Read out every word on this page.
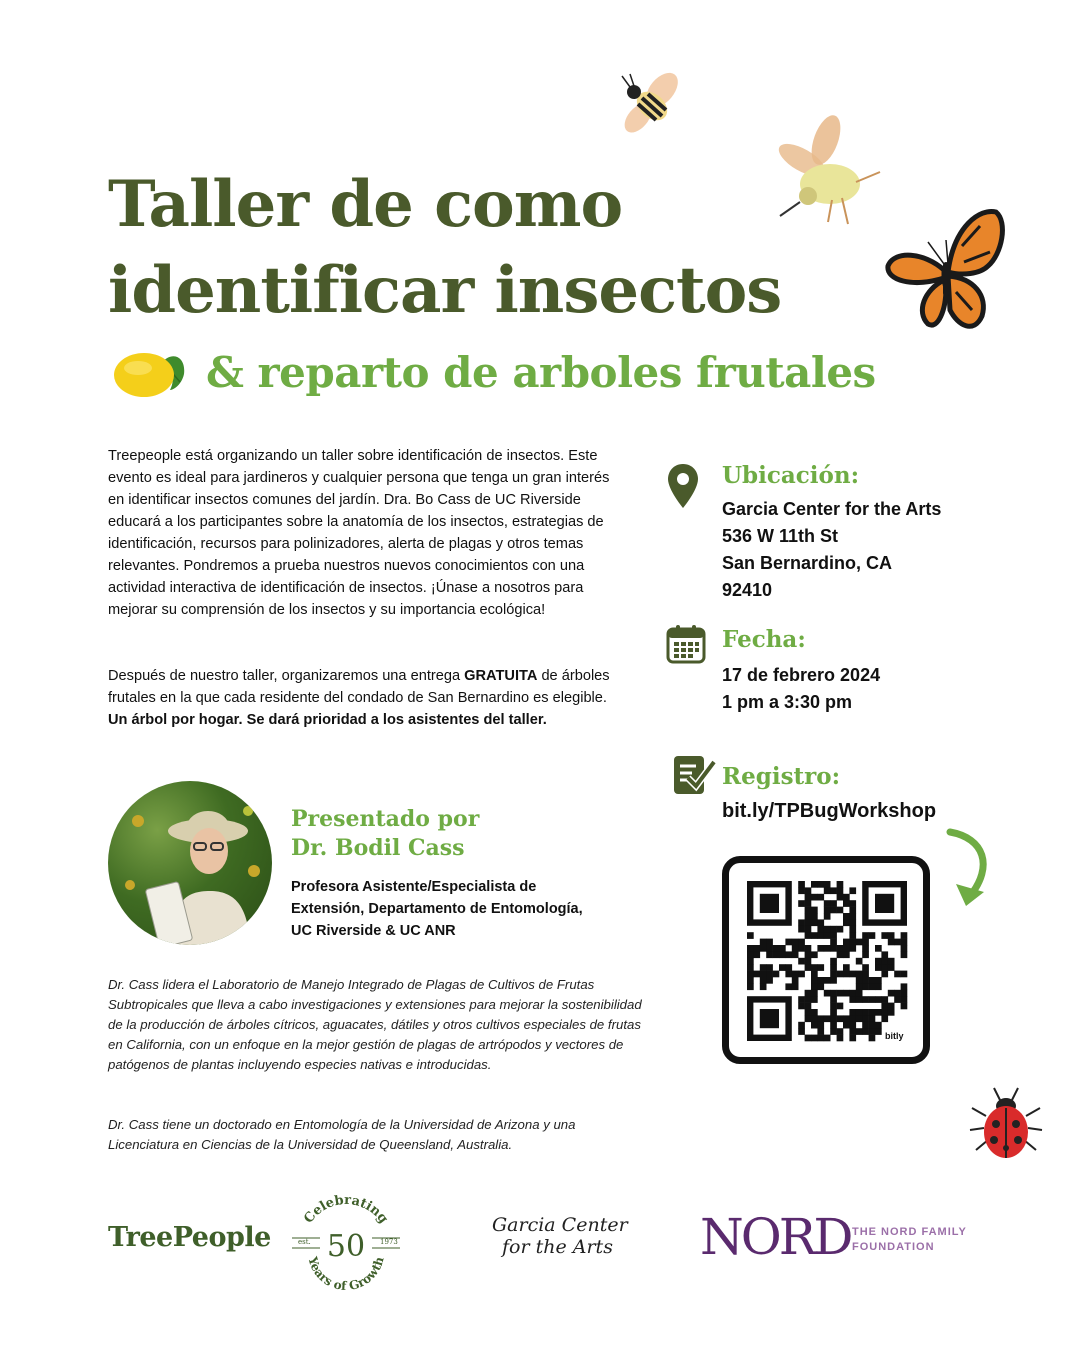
Taller de como
identificar insectos
& reparto de arboles frutales
Treepeople está organizando un taller sobre identificación de insectos. Este evento es ideal para jardineros y cualquier persona que tenga un gran interés en identificar insectos comunes del jardín. Dra. Bo Cass de UC Riverside educará a los participantes sobre la anatomía de los insectos, estrategias de identificación, recursos para polinizadores, alerta de plagas y otros temas relevantes. Pondremos a prueba nuestros nuevos conocimientos con una actividad interactiva de identificación de insectos. ¡Únase a nosotros para mejorar su comprensión de los insectos y su importancia ecológica!
Después de nuestro taller, organizaremos una entrega GRATUITA de árboles frutales en la que cada residente del condado de San Bernardino es elegible. Un árbol por hogar. Se dará prioridad a los asistentes del taller.
Presentado por
Dr. Bodil Cass
Profesora Asistente/Especialista de Extensión, Departamento de Entomología, UC Riverside & UC ANR
Dr. Cass lidera el Laboratorio de Manejo Integrado de Plagas de Cultivos de Frutas Subtropicales que lleva a cabo investigaciones y extensiones para mejorar la sostenibilidad de la producción de árboles cítricos, aguacates, dátiles y otros cultivos especiales de frutas en California, con un enfoque en la mejor gestión de plagas de artrópodos y vectores de patógenos de plantas incluyendo especies nativas e introducidas.
Dr. Cass tiene un doctorado en Entomología de la Universidad de Arizona y una Licenciatura en Ciencias de la Universidad de Queensland, Australia.
Ubicación:
Garcia Center for the Arts
536 W 11th St
San Bernardino, CA
92410
Fecha:
17 de febrero 2024
1 pm a 3:30 pm
Registro:
bit.ly/TPBugWorkshop
bitly
TreePeople
Celebrating
Years of Growth
50
est.	1973
Garcia Center
for the Arts NORD THE NORD FAMILY
FOUNDATION
